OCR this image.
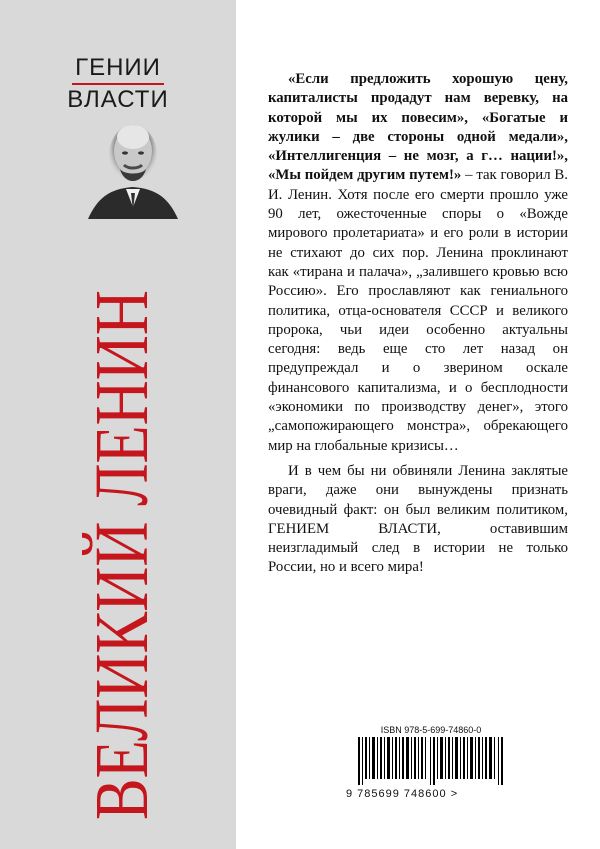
ГЕНИИ
ВЛАСТИ
ВЕЛИКИЙ ЛЕНИН

«Если предложить хорошую цену, капиталисты продадут нам веревку, на которой мы их повесим», «Богатые и жулики – две стороны одной медали», «Интеллигенция – не мозг, а г… нации!», «Мы пойдем другим путем!» – так говорил В. И. Ленин. Хотя после его смерти прошло уже 90 лет, ожесточенные споры о «Вожде мирового пролетариата» и его роли в истории не стихают до сих пор. Ленина проклинают как «тирана и палача», „залившего кровью всю Россию». Его прославляют как гениального политика, отца-основателя СССР и великого пророка, чьи идеи особенно актуальны сегодня: ведь еще сто лет назад он предупреждал и о зверином оскале финансового капитализма, и о бесплодности «экономики по производству денег», этого „самопожирающего монстра», обрекающего мир на глобальные кризисы…

И в чем бы ни обвиняли Ленина заклятые враги, даже они вынуждены признать очевидный факт: он был великим политиком, ГЕНИЕМ ВЛАСТИ, оставившим неизгладимый след в истории не только России, но и всего мира!

ISBN 978-5-699-74860-0
9 785699 748600 >
